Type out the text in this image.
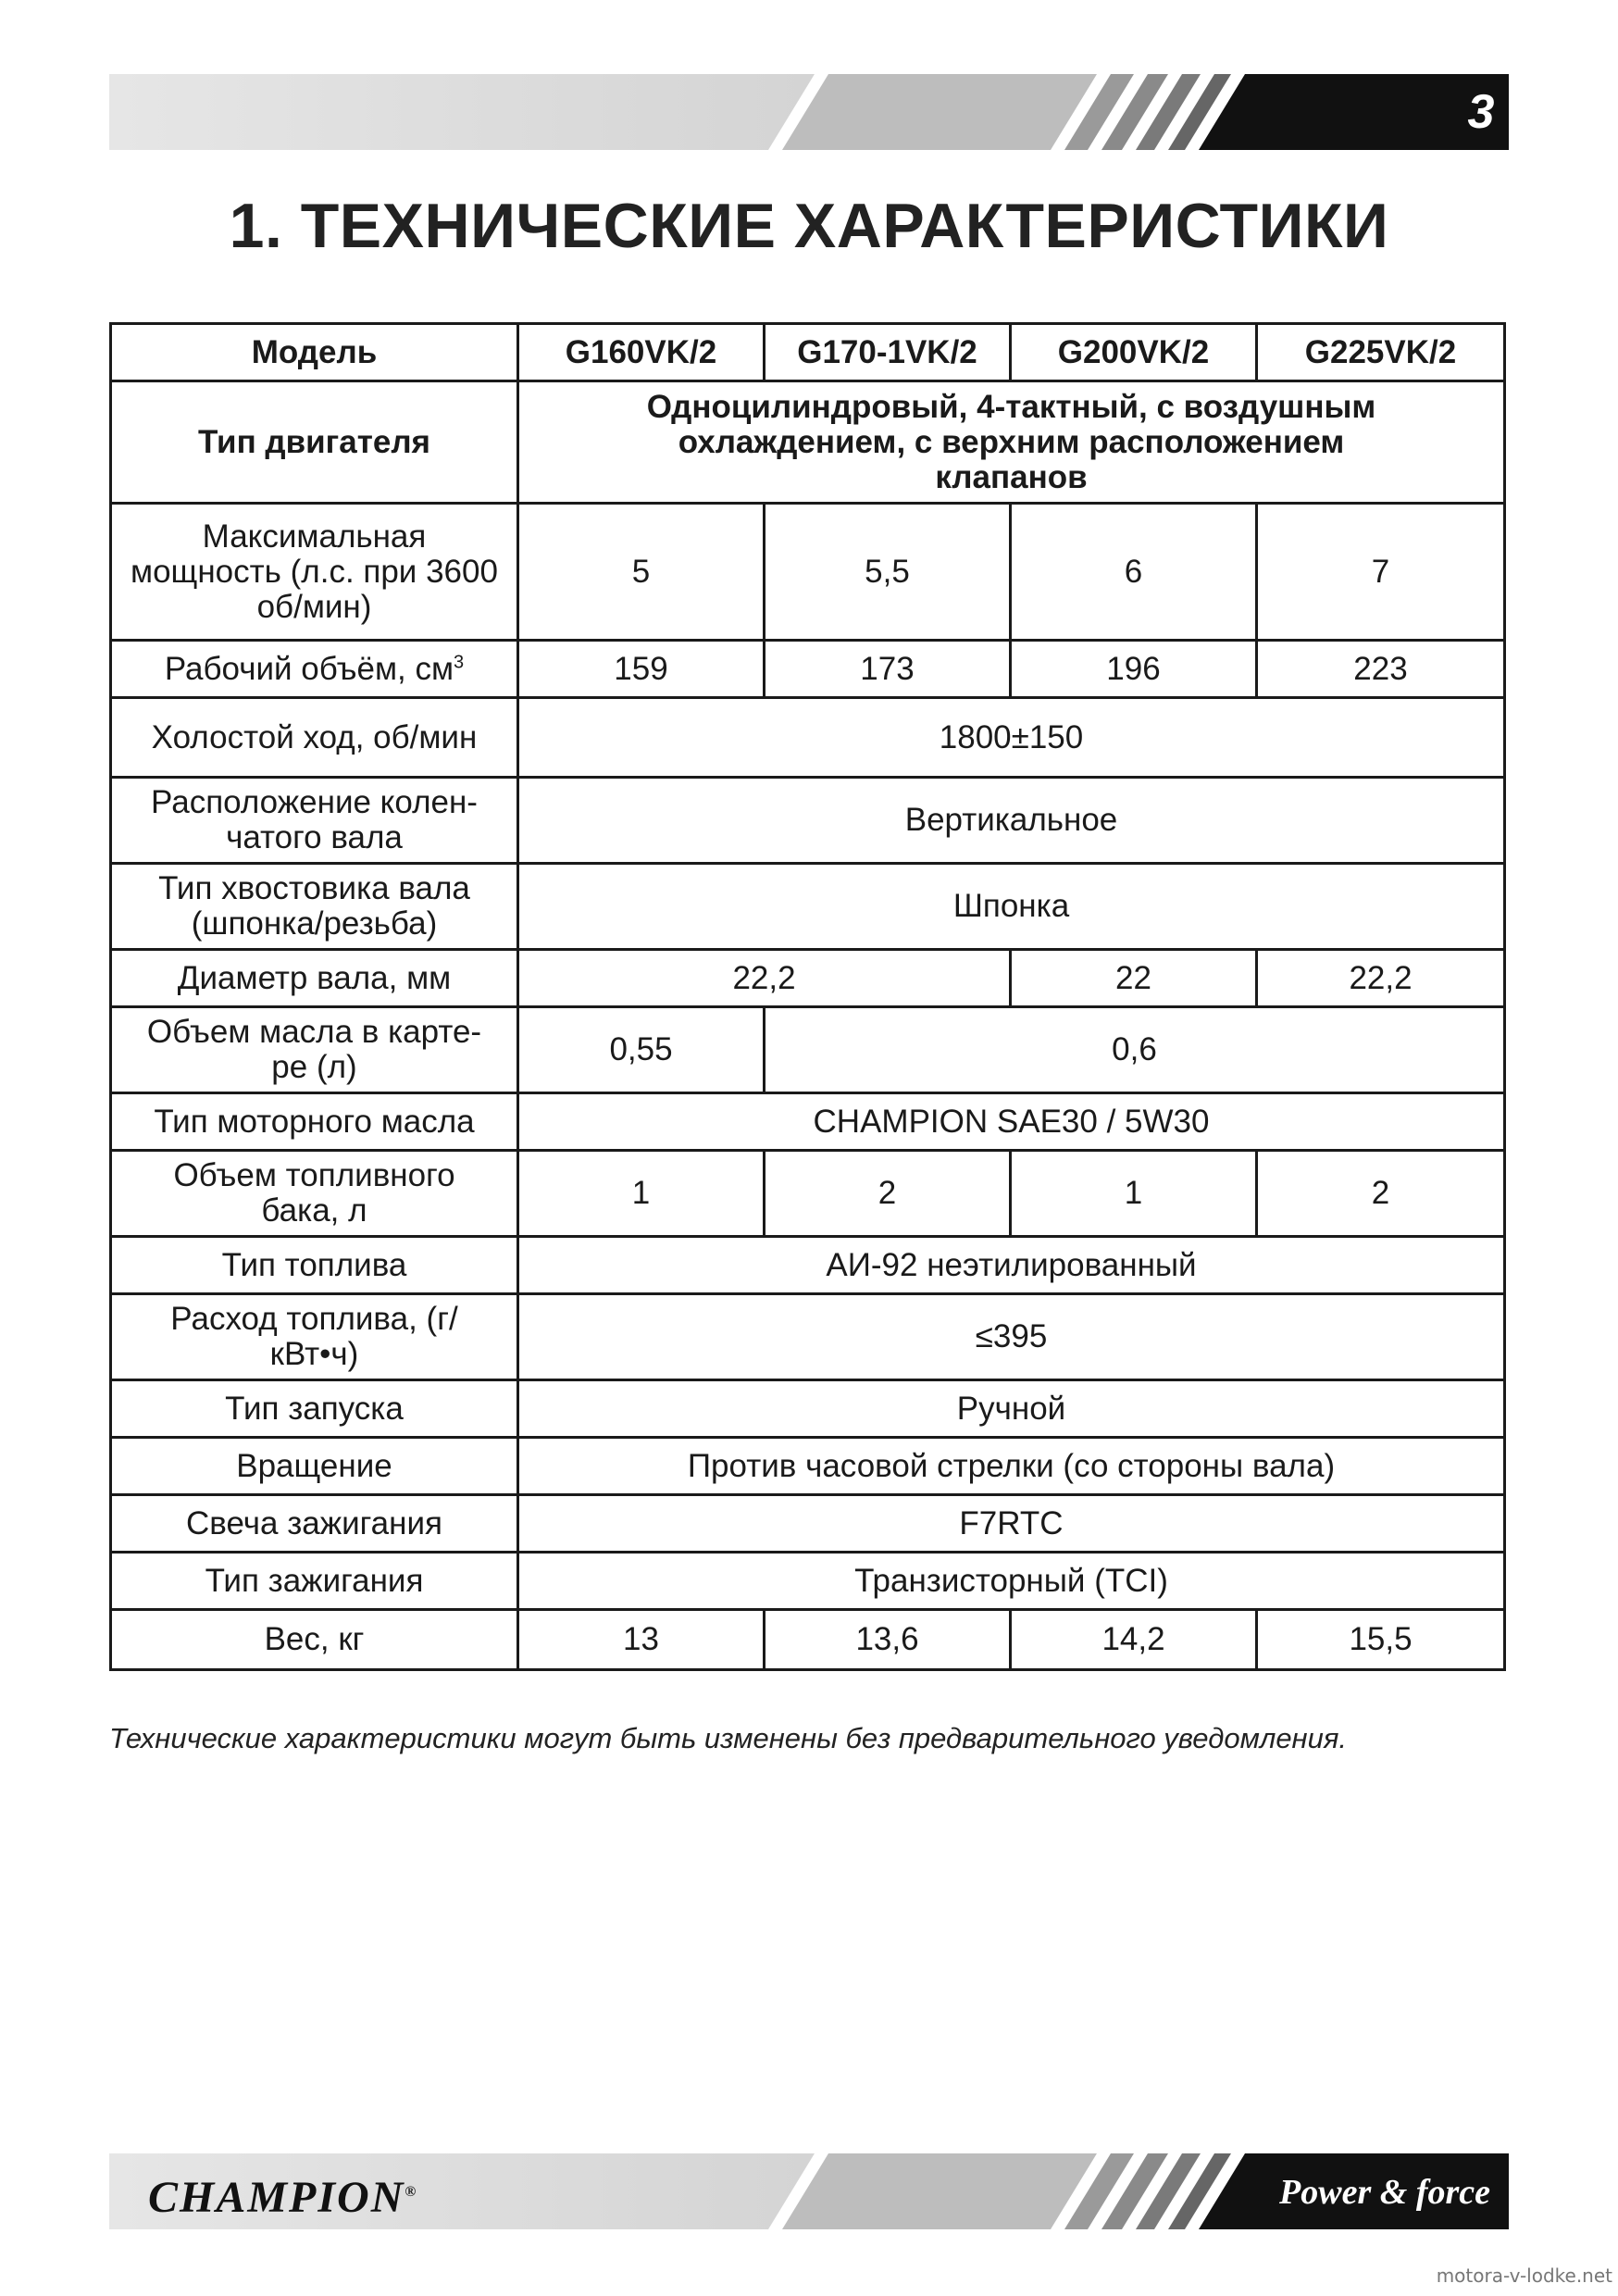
3
1. ТЕХНИЧЕСКИЕ ХАРАКТЕРИСТИКИ
Модель	G160VK/2	G170-1VK/2	G200VK/2	G225VK/2
Тип двигателя	Одноцилиндровый, 4-тактный, с воздушным охлаждением, с верхним расположением клапанов			
Максимальная мощность (л.с. при 3600 об/мин)	5	5,5	6	7
Рабочий объём, $см^3$	159	173	196	223
Холостой ход, об/мин	1800±150			
Расположение колен-чатого вала	Вертикальное			
Тип хвостовика вала (шпонка/резьба)	Шпонка			
Диаметр вала, мм	22,2		22	22,2
Объем масла в карте-ре (л)	0,55	0,6		
Тип моторного масла	CHAMPION SAE30 / 5W30			
Объем топливного бака, л	1	2	1	2
Тип топлива	АИ-92 неэтилированный			
Расход топлива, (г/кВт•ч)	≤395			
Тип запуска	Ручной			
Вращение	Против часовой стрелки (со стороны вала)			
Свеча зажигания	F7RTC			
Тип зажигания	Транзисторный (TCI)			
Вес, кг	13	13,6	14,2	15,5
Технические характеристики могут быть изменены без предварительного уведомления.
CHAMPION®	Power & force
motora-v-lodke.net
